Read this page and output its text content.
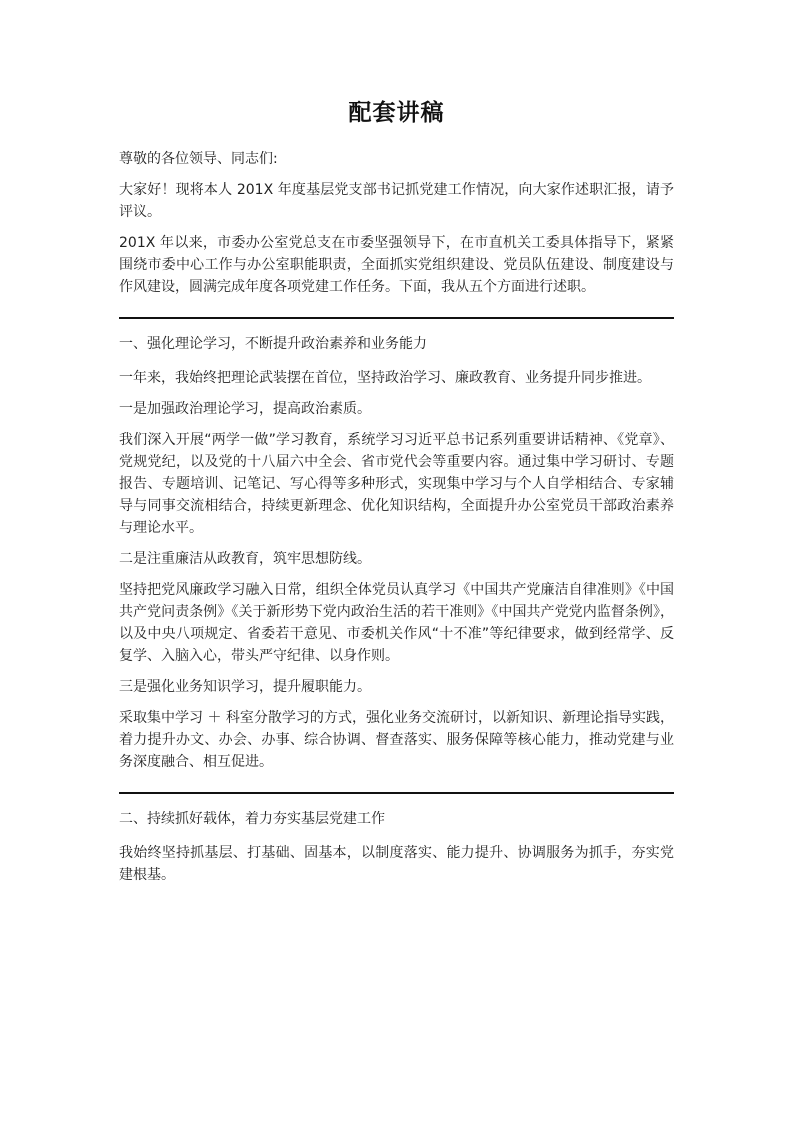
配套讲稿

尊敬的各位领导、同志们:

大家好！现将本人 201X 年度基层党支部书记抓党建工作情况，向大家作述职汇报，请予评议。

201X 年以来，市委办公室党总支在市委坚强领导下，在市直机关工委具体指导下，紧紧围绕市委中心工作与办公室职能职责，全面抓实党组织建设、党员队伍建设、制度建设与作风建设，圆满完成年度各项党建工作任务。下面，我从五个方面进行述职。

一、强化理论学习，不断提升政治素养和业务能力

一年来，我始终把理论武装摆在首位，坚持政治学习、廉政教育、业务提升同步推进。

一是加强政治理论学习，提高政治素质。

我们深入开展“两学一做”学习教育，系统学习习近平总书记系列重要讲话精神、《党章》、党规党纪，以及党的十八届六中全会、省市党代会等重要内容。通过集中学习研讨、专题报告、专题培训、记笔记、写心得等多种形式，实现集中学习与个人自学相结合、专家辅导与同事交流相结合，持续更新理念、优化知识结构，全面提升办公室党员干部政治素养与理论水平。

二是注重廉洁从政教育，筑牢思想防线。

坚持把党风廉政学习融入日常，组织全体党员认真学习《中国共产党廉洁自律准则》《中国共产党问责条例》《关于新形势下党内政治生活的若干准则》《中国共产党党内监督条例》，以及中央八项规定、省委若干意见、市委机关作风“十不准”等纪律要求，做到经常学、反复学、入脑入心，带头严守纪律、以身作则。

三是强化业务知识学习，提升履职能力。

采取集中学习 ＋ 科室分散学习的方式，强化业务交流研讨，以新知识、新理论指导实践，着力提升办文、办会、办事、综合协调、督查落实、服务保障等核心能力，推动党建与业务深度融合、相互促进。

二、持续抓好载体，着力夯实基层党建工作

我始终坚持抓基层、打基础、固基本，以制度落实、能力提升、协调服务为抓手，夯实党建根基。
